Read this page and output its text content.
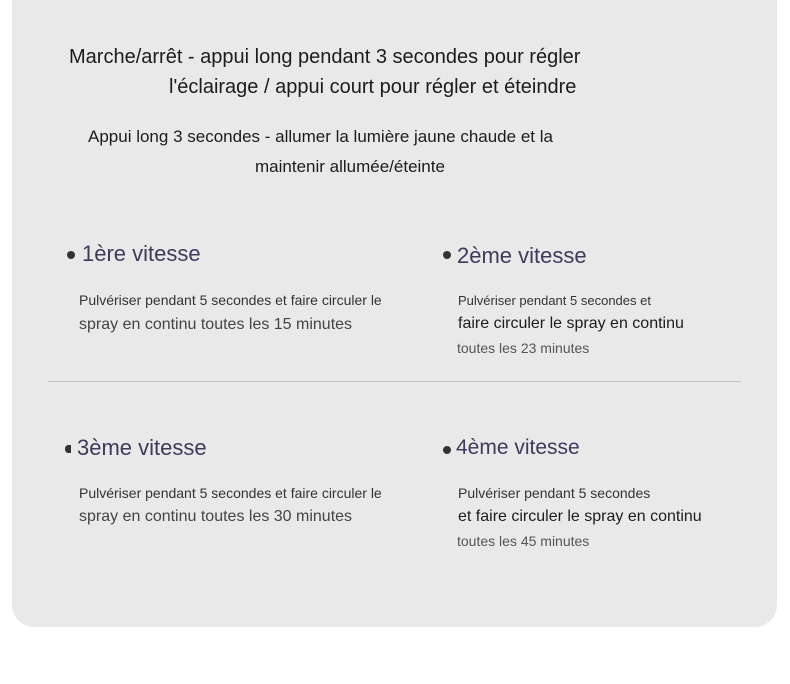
Marche/arrêt - appui long pendant 3 secondes pour régler
l'éclairage / appui court pour régler et éteindre
Appui long 3 secondes - allumer la lumière jaune chaude et la
maintenir allumée/éteinte
1ère vitesse
Pulvériser pendant 5 secondes et faire circuler le
spray en continu toutes les 15 minutes
2ème vitesse
Pulvériser pendant 5 secondes et
faire circuler le spray en continu
toutes les 23 minutes
3ème vitesse
Pulvériser pendant 5 secondes et faire circuler le
spray en continu toutes les 30 minutes
4ème vitesse
Pulvériser pendant 5 secondes
et faire circuler le spray en continu
toutes les 45 minutes
